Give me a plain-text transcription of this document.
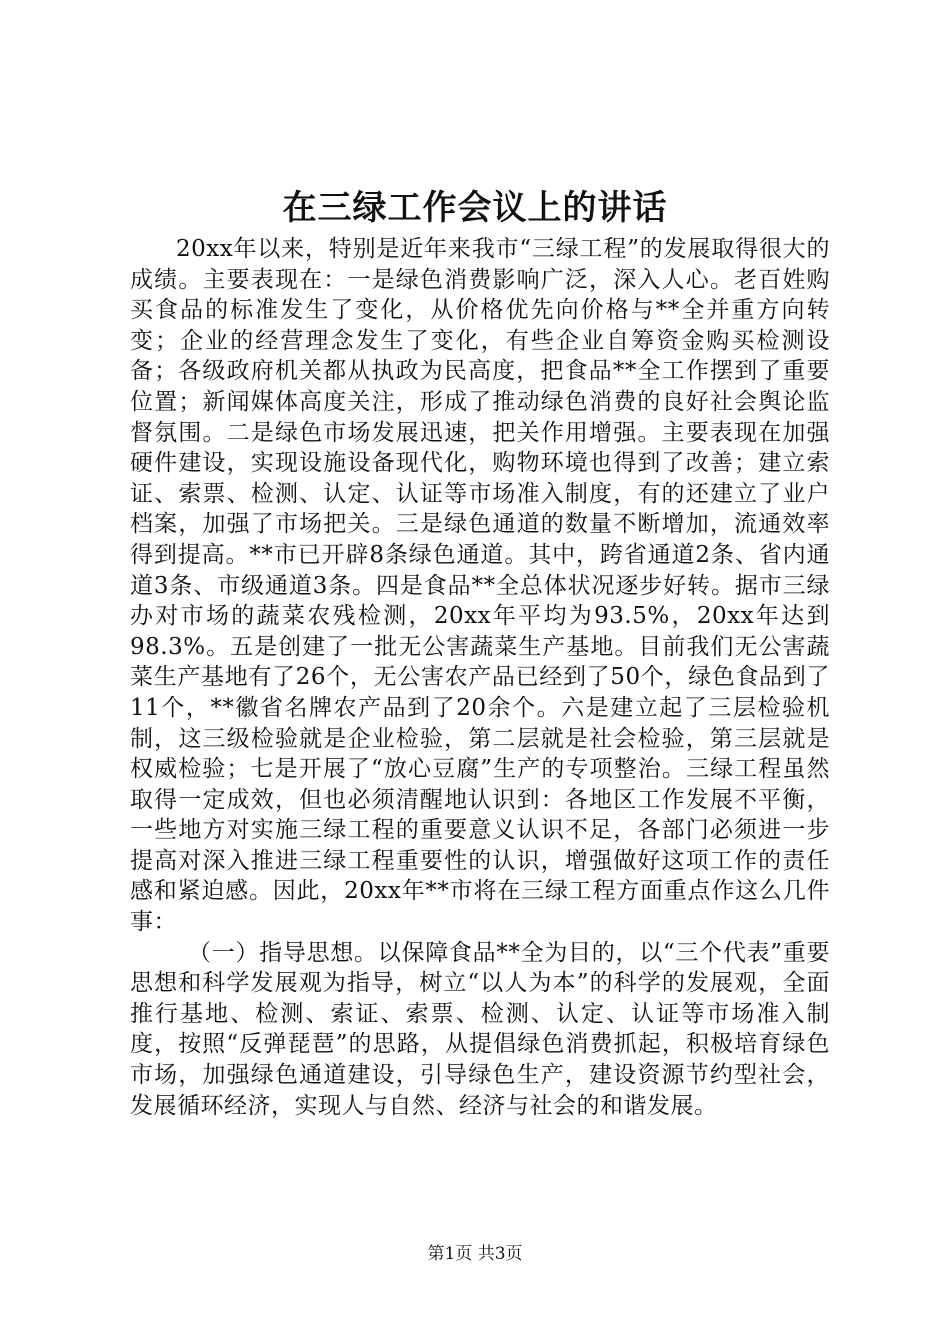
在三绿工作会议上的讲话

20xx年以来，特别是近年来我市“三绿工程”的发展取得很大的成绩。主要表现在：一是绿色消费影响广泛，深入人心。老百姓购买食品的标准发生了变化，从价格优先向价格与**全并重方向转变；企业的经营理念发生了变化，有些企业自筹资金购买检测设备；各级政府机关都从执政为民高度，把食品**全工作摆到了重要位置；新闻媒体高度关注，形成了推动绿色消费的良好社会舆论监督氛围。二是绿色市场发展迅速，把关作用增强。主要表现在加强硬件建设，实现设施设备现代化，购物环境也得到了改善；建立索证、索票、检测、认定、认证等市场准入制度，有的还建立了业户档案，加强了市场把关。三是绿色通道的数量不断增加，流通效率得到提高。**市已开辟8条绿色通道。其中，跨省通道2条、省内通道3条、市级通道3条。四是食品**全总体状况逐步好转。据市三绿办对市场的蔬菜农残检测，20xx年平均为93.5%，20xx年达到98.3%。五是创建了一批无公害蔬菜生产基地。目前我们无公害蔬菜生产基地有了26个，无公害农产品已经到了50个，绿色食品到了11个，**徽省名牌农产品到了20余个。六是建立起了三层检验机制，这三级检验就是企业检验，第二层就是社会检验，第三层就是权威检验；七是开展了“放心豆腐”生产的专项整治。三绿工程虽然取得一定成效，但也必须清醒地认识到：各地区工作发展不平衡，一些地方对实施三绿工程的重要意义认识不足，各部门必须进一步提高对深入推进三绿工程重要性的认识，增强做好这项工作的责任感和紧迫感。因此，20xx年**市将在三绿工程方面重点作这么几件事：

（一）指导思想。以保障食品**全为目的，以“三个代表”重要思想和科学发展观为指导，树立“以人为本”的科学的发展观，全面推行基地、检测、索证、索票、检测、认定、认证等市场准入制度，按照“反弹琵琶”的思路，从提倡绿色消费抓起，积极培育绿色市场，加强绿色通道建设，引导绿色生产，建设资源节约型社会，发展循环经济，实现人与自然、经济与社会的和谐发展。

第1页 共3页
